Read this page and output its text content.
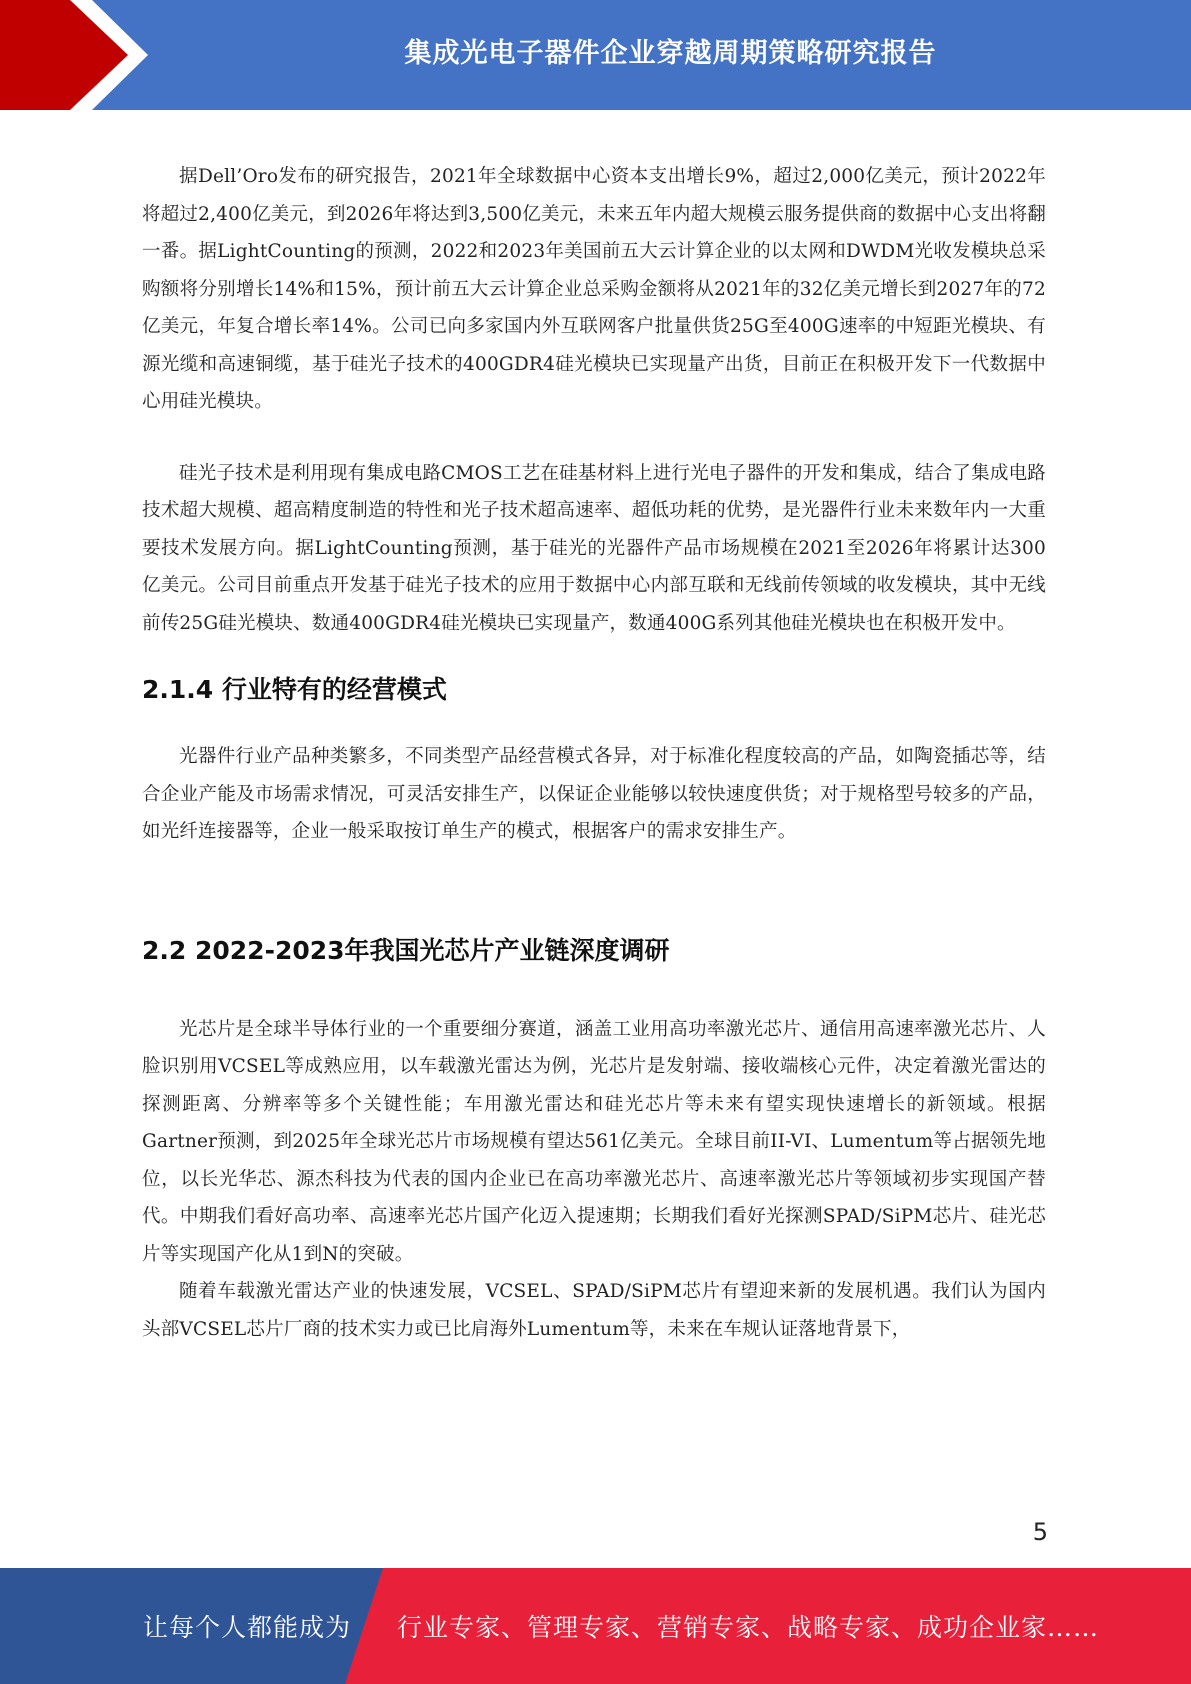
集成光电子器件企业穿越周期策略研究报告

据Dell’Oro发布的研究报告，2021年全球数据中心资本支出增长9%，超过2,000亿美元，预计2022年将超过2,400亿美元，到2026年将达到3,500亿美元，未来五年内超大规模云服务提供商的数据中心支出将翻一番。据LightCounting的预测，2022和2023年美国前五大云计算企业的以太网和DWDM光收发模块总采购额将分别增长14%和15%，预计前五大云计算企业总采购金额将从2021年的32亿美元增长到2027年的72亿美元，年复合增长率14%。公司已向多家国内外互联网客户批量供货25G至400G速率的中短距光模块、有源光缆和高速铜缆，基于硅光子技术的400GDR4硅光模块已实现量产出货，目前正在积极开发下一代数据中心用硅光模块。

硅光子技术是利用现有集成电路CMOS工艺在硅基材料上进行光电子器件的开发和集成，结合了集成电路技术超大规模、超高精度制造的特性和光子技术超高速率、超低功耗的优势，是光器件行业未来数年内一大重要技术发展方向。据LightCounting预测，基于硅光的光器件产品市场规模在2021至2026年将累计达300亿美元。公司目前重点开发基于硅光子技术的应用于数据中心内部互联和无线前传领域的收发模块，其中无线前传25G硅光模块、数通400GDR4硅光模块已实现量产，数通400G系列其他硅光模块也在积极开发中。

2.1.4 行业特有的经营模式

光器件行业产品种类繁多，不同类型产品经营模式各异，对于标准化程度较高的产品，如陶瓷插芯等，结合企业产能及市场需求情况，可灵活安排生产，以保证企业能够以较快速度供货；对于规格型号较多的产品，如光纤连接器等，企业一般采取按订单生产的模式，根据客户的需求安排生产。

2.2 2022-2023年我国光芯片产业链深度调研

光芯片是全球半导体行业的一个重要细分赛道，涵盖工业用高功率激光芯片、通信用高速率激光芯片、人脸识别用VCSEL等成熟应用，以车载激光雷达为例，光芯片是发射端、接收端核心元件，决定着激光雷达的探测距离、分辨率等多个关键性能；车用激光雷达和硅光芯片等未来有望实现快速增长的新领域。根据Gartner预测，到2025年全球光芯片市场规模有望达561亿美元。全球目前II-VI、Lumentum等占据领先地位，以长光华芯、源杰科技为代表的国内企业已在高功率激光芯片、高速率激光芯片等领域初步实现国产替代。中期我们看好高功率、高速率光芯片国产化迈入提速期；长期我们看好光探测SPAD/SiPM芯片、硅光芯片等实现国产化从1到N的突破。

随着车载激光雷达产业的快速发展，VCSEL、SPAD/SiPM芯片有望迎来新的发展机遇。我们认为国内头部VCSEL芯片厂商的技术实力或已比肩海外Lumentum等，未来在车规认证落地背景下，

5
让每个人都能成为 行业专家、管理专家、营销专家、战略专家、成功企业家……
